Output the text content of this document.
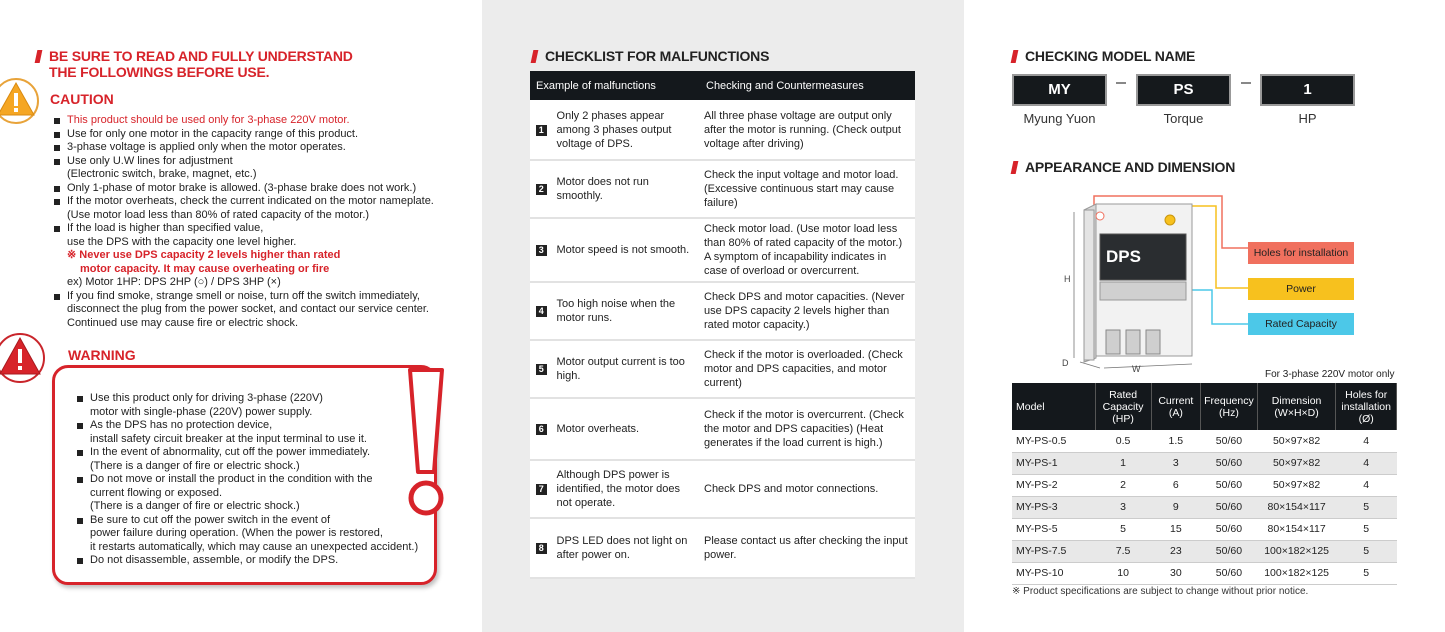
BE SURE TO READ AND FULLY UNDERSTAND
THE FOLLOWINGS BEFORE USE.
CAUTION
This product should be used only for 3-phase 220V motor.
Use for only one motor in the capacity range of this product.
3-phase voltage is applied only when the motor operates.
Use only U.W lines for adjustment
(Electronic switch, brake, magnet, etc.)
Only 1-phase of motor brake is allowed. (3-phase brake does not work.)
If the motor overheats, check the current indicated on the motor nameplate.
(Use motor load less than 80% of rated capacity of the motor.)
If the load is higher than specified value,
use the DPS with the capacity one level higher.
※ Never use DPS capacity 2 levels higher than rated
motor capacity. It may cause overheating or fire
ex) Motor 1HP: DPS 2HP (○) / DPS 3HP (×)
If you find smoke, strange smell or noise, turn off the switch immediately,
disconnect the plug from the power socket, and contact our service center.
Continued use may cause fire or electric shock.
WARNING
Use this product only for driving 3-phase (220V)
motor with single-phase (220V) power supply.
As the DPS has no protection device,
install safety circuit breaker at the input terminal to use it.
In the event of abnormality, cut off the power immediately.
(There is a danger of fire or electric shock.)
Do not move or install the product in the condition with the
current flowing or exposed.
(There is a danger of fire or electric shock.)
Be sure to cut off the power switch in the event of
power failure during operation. (When the power is restored,
it restarts automatically, which may cause an unexpected accident.)
Do not disassemble, assemble, or modify the DPS.
CHECKLIST FOR MALFUNCTIONS
Example of malfunctions		Checking and Countermeasures
1	Only 2 phases appear among 3 phases output voltage of DPS.	All three phase voltage are output only after the motor is running. (Check output voltage after driving)
2	Motor does not run smoothly.	Check the input voltage and motor load. (Excessive continuous start may cause failure)
3	Motor speed is not smooth.	Check motor load. (Use motor load less than 80% of rated capacity of the motor.) A symptom of incapability indicates in case of overload or overcurrent.
4	Too high noise when the motor runs.	Check DPS and motor capacities. (Never use DPS capacity 2 levels higher than rated motor capacity.)
5	Motor output current is too high.	Check if the motor is overloaded. (Check motor and DPS capacities, and motor current)
6	Motor overheats.	Check if the motor is overcurrent. (Check the motor and DPS capacities) (Heat generates if the load current is high.)
7	Although DPS power is identified, the motor does not operate.	Check DPS and motor connections.
8	DPS LED does not light on after power on.	Please contact us after checking the input power.
CHECKING MODEL NAME
MY	PS	1
Myung Yuon	Torque	HP
APPEARANCE AND DIMENSION
H
D
W
DPS	Holes for installation
Power
Rated Capacity
For 3-phase 220V motor only
Model	Rated Capacity (HP)	Current (A)	Frequency (Hz)	Dimension (W×H×D)	Holes for installation (Ø)
MY-PS-0.5	0.5	1.5	50/60	50×97×82	4
MY-PS-1	1	3	50/60	50×97×82	4
MY-PS-2	2	6	50/60	50×97×82	4
MY-PS-3	3	9	50/60	80×154×117	5
MY-PS-5	5	15	50/60	80×154×117	5
MY-PS-7.5	7.5	23	50/60	100×182×125	5
MY-PS-10	10	30	50/60	100×182×125	5
※ Product specifications are subject to change without prior notice.
